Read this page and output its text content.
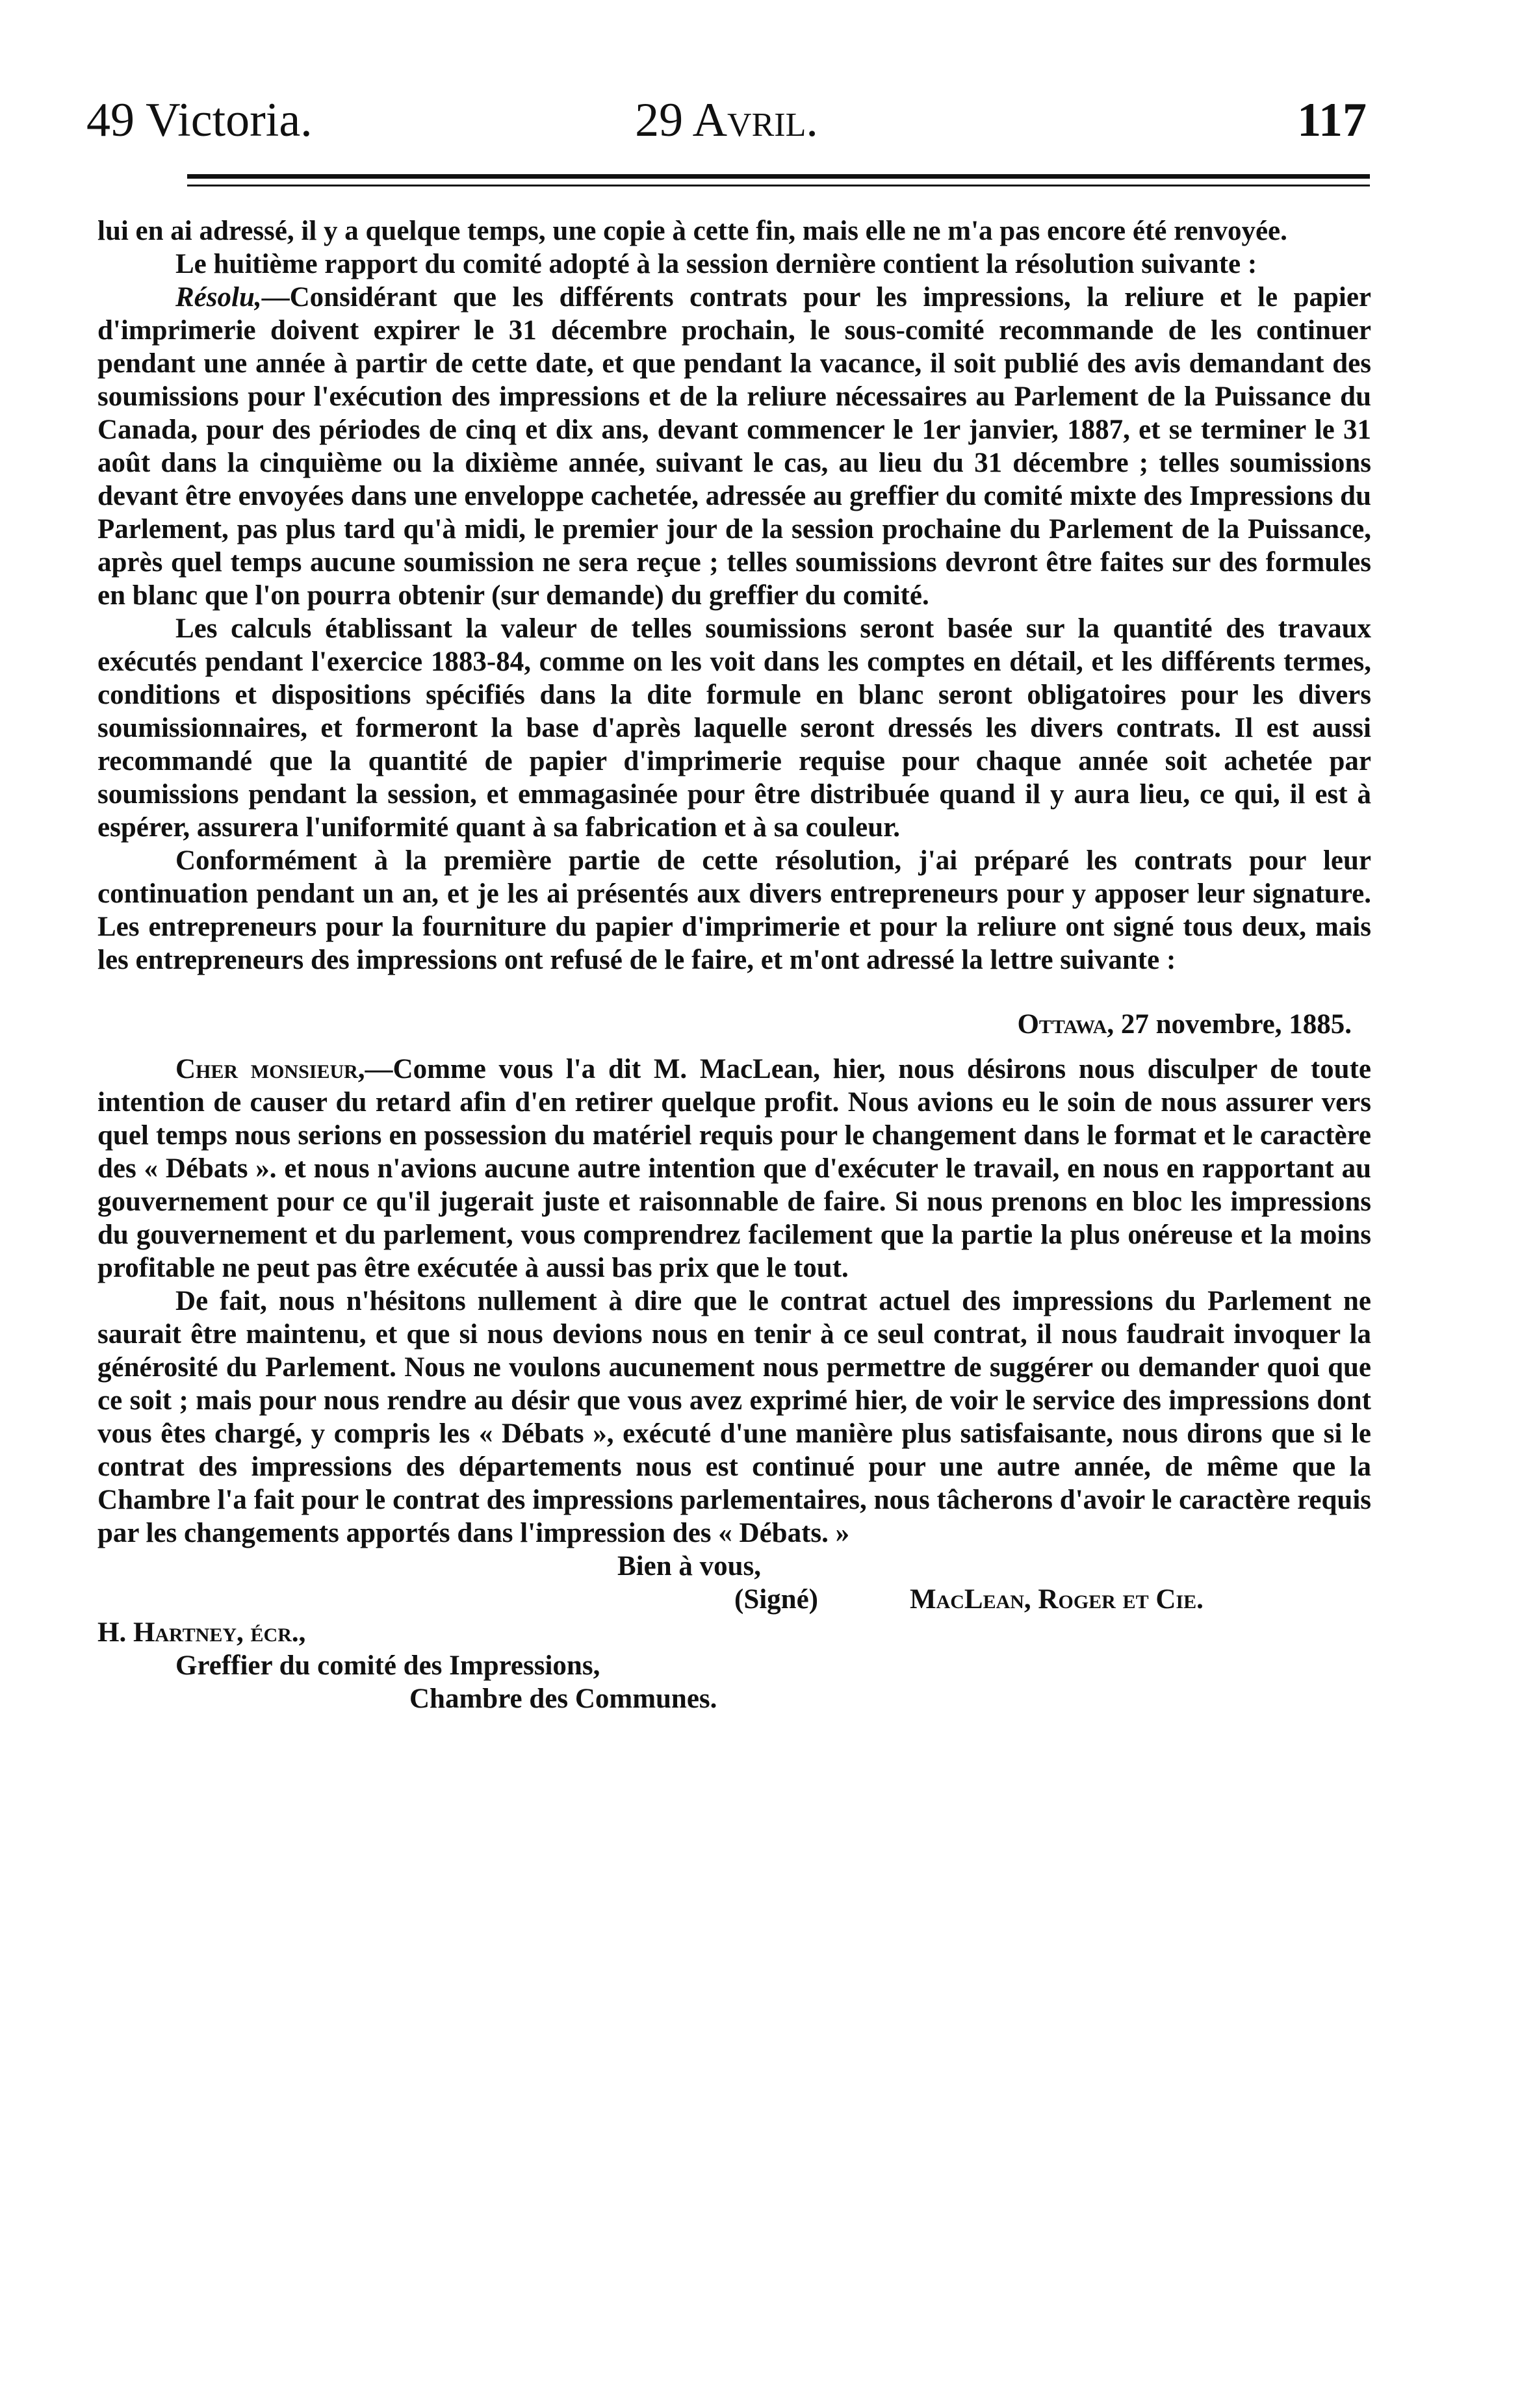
49 Victoria.	29 Avril.	117

lui en ai adressé, il y a quelque temps, une copie à cette fin, mais elle ne m'a pas encore été renvoyée.

Le huitième rapport du comité adopté à la session dernière contient la résolution suivante :

Résolu,—Considérant que les différents contrats pour les impressions, la reliure et le papier d'imprimerie doivent expirer le 31 décembre prochain, le sous-comité recommande de les continuer pendant une année à partir de cette date, et que pendant la vacance, il soit publié des avis demandant des soumissions pour l'exécution des impressions et de la reliure nécessaires au Parlement de la Puissance du Canada, pour des périodes de cinq et dix ans, devant commencer le 1er janvier, 1887, et se terminer le 31 août dans la cinquième ou la dixième année, suivant le cas, au lieu du 31 décembre ; telles soumissions devant être envoyées dans une enveloppe cachetée, adressée au greffier du comité mixte des Impressions du Parlement, pas plus tard qu'à midi, le premier jour de la session prochaine du Parlement de la Puissance, après quel temps aucune soumission ne sera reçue ; telles soumissions devront être faites sur des formules en blanc que l'on pourra obtenir (sur demande) du greffier du comité.

Les calculs établissant la valeur de telles soumissions seront basée sur la quantité des travaux exécutés pendant l'exercice 1883-84, comme on les voit dans les comptes en détail, et les différents termes, conditions et dispositions spécifiés dans la dite formule en blanc seront obligatoires pour les divers soumissionnaires, et formeront la base d'après laquelle seront dressés les divers contrats. Il est aussi recommandé que la quantité de papier d'imprimerie requise pour chaque année soit achetée par soumissions pendant la session, et emmagasinée pour être distribuée quand il y aura lieu, ce qui, il est à espérer, assurera l'uniformité quant à sa fabrication et à sa couleur.

Conformément à la première partie de cette résolution, j'ai préparé les contrats pour leur continuation pendant un an, et je les ai présentés aux divers entrepreneurs pour y apposer leur signature. Les entrepreneurs pour la fourniture du papier d'imprimerie et pour la reliure ont signé tous deux, mais les entrepreneurs des impressions ont refusé de le faire, et m'ont adressé la lettre suivante :

Ottawa, 27 novembre, 1885.

Cher monsieur,—Comme vous l'a dit M. MacLean, hier, nous désirons nous disculper de toute intention de causer du retard afin d'en retirer quelque profit. Nous avions eu le soin de nous assurer vers quel temps nous serions en possession du matériel requis pour le changement dans le format et le caractère des « Débats ». et nous n'avions aucune autre intention que d'exécuter le travail, en nous en rapportant au gouvernement pour ce qu'il jugerait juste et raisonnable de faire. Si nous prenons en bloc les impressions du gouvernement et du parlement, vous comprendrez facilement que la partie la plus onéreuse et la moins profitable ne peut pas être exécutée à aussi bas prix que le tout.

De fait, nous n'hésitons nullement à dire que le contrat actuel des impressions du Parlement ne saurait être maintenu, et que si nous devions nous en tenir à ce seul contrat, il nous faudrait invoquer la générosité du Parlement. Nous ne voulons aucunement nous permettre de suggérer ou demander quoi que ce soit ; mais pour nous rendre au désir que vous avez exprimé hier, de voir le service des impressions dont vous êtes chargé, y compris les « Débats », exécuté d'une manière plus satisfaisante, nous dirons que si le contrat des impressions des départements nous est continué pour une autre année, de même que la Chambre l'a fait pour le contrat des impressions parlementaires, nous tâcherons d'avoir le caractère requis par les changements apportés dans l'impression des « Débats. »

Bien à vous,

(Signé)	MacLean, Roger et Cie.

H. Hartney, écr.,

Greffier du comité des Impressions,

Chambre des Communes.
